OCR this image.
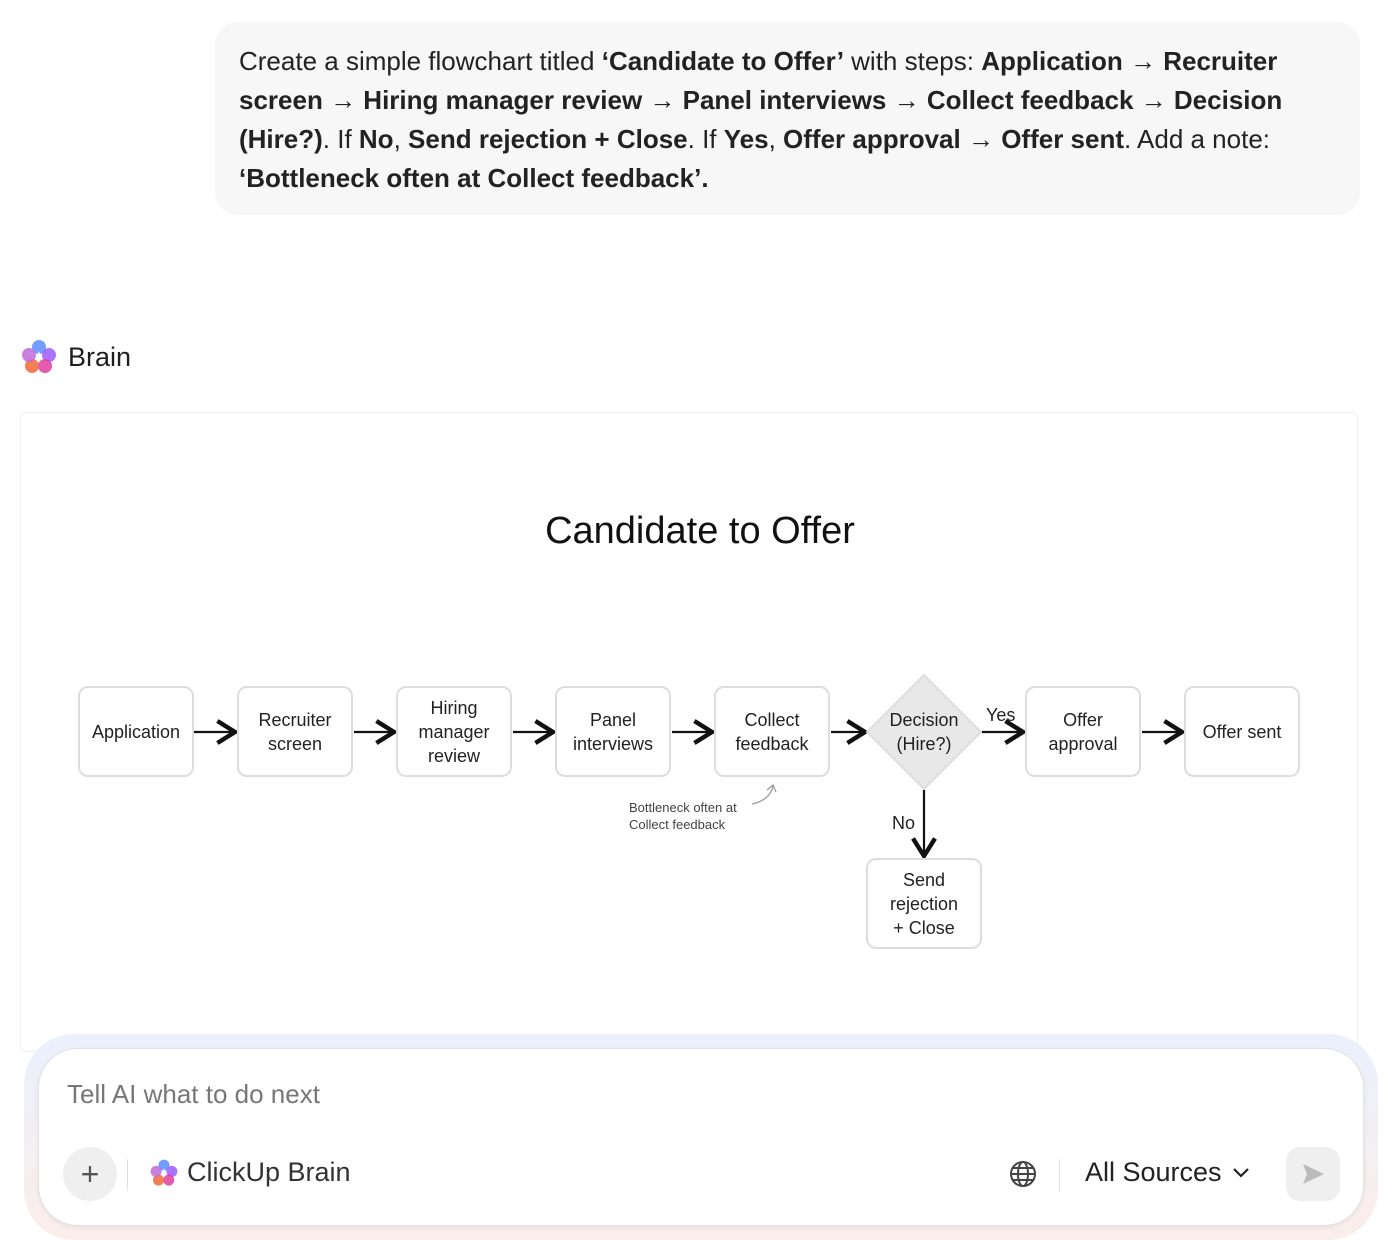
Create a simple flowchart titled ‘Candidate to Offer’ with steps: Application → Recruiter screen → Hiring manager review → Panel interviews → Collect feedback → Decision (Hire?). If No, Send rejection + Close. If Yes, Offer approval → Offer sent. Add a note: ‘Bottleneck often at Collect feedback’.
Brain
Candidate to Offer
Application
Recruiter
screen
Hiring
manager
review
Panel
interviews
Collect
feedback
Decision
(Hire?)
Offer
approval
Offer sent
Send
rejection
+ Close
Yes
No
Bottleneck often at
Collect feedback
Tell AI what to do next
+	ClickUp Brain	All Sources
